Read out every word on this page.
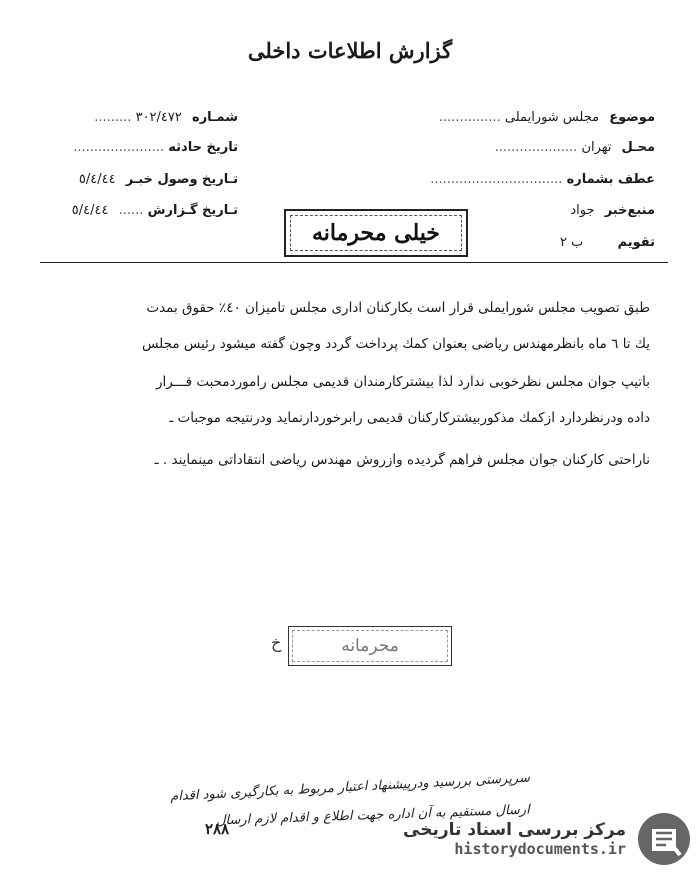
گزارش اطلاعات داخلی
موضوع مجلس شورايملى ...............
محـل تهران ....................
عطف بشماره ................................
منبع‌خبر جواد
تقويم ب ٢
شمـاره ٣٠٢/٤٧٢ .........
تاريخ حادثه ......................
تـاريخ وصول خبـر ٥/٤/٤٤
تـاريخ گـزارش ...... ٥/٤/٤٤
خيلى محرمانه
طبق تصويب مجلس شورايملى قرار است بكاركنان ادارى مجلس تاميزان ٤٠٪ حقوق بمدت
يك تا ٦ ماه بانظرمهندس رياضى بعنوان كمك پرداخت گردد وچون گفته ميشود رئيس مجلس
باتيپ جوان مجلس نظرخوبى ندارد لذا بيشتركارمندان قديمى مجلس راموردمحبت قـــرار
داده ودرنظردارد ازكمك مذكوربيشتركاركنان قديمى رابرخوردارنمايد ودرنتيجه موجبات ـ
ناراحتى كاركنان جوان مجلس فراهم گرديده وازروش مهندس رياضى انتقاداتى مينمايند . ـ
خ	محرمانه
سرپرستى بررسيد ودرپيشنهاد اعتبار مربوط به بكارگيرى شود اقدام
ارسال مستقيم به آن اداره جهت اطلاع و اقدام لازم ارسال
٢٨٨	مرکز بررسی اسناد تاریخی
historydocuments.ir
